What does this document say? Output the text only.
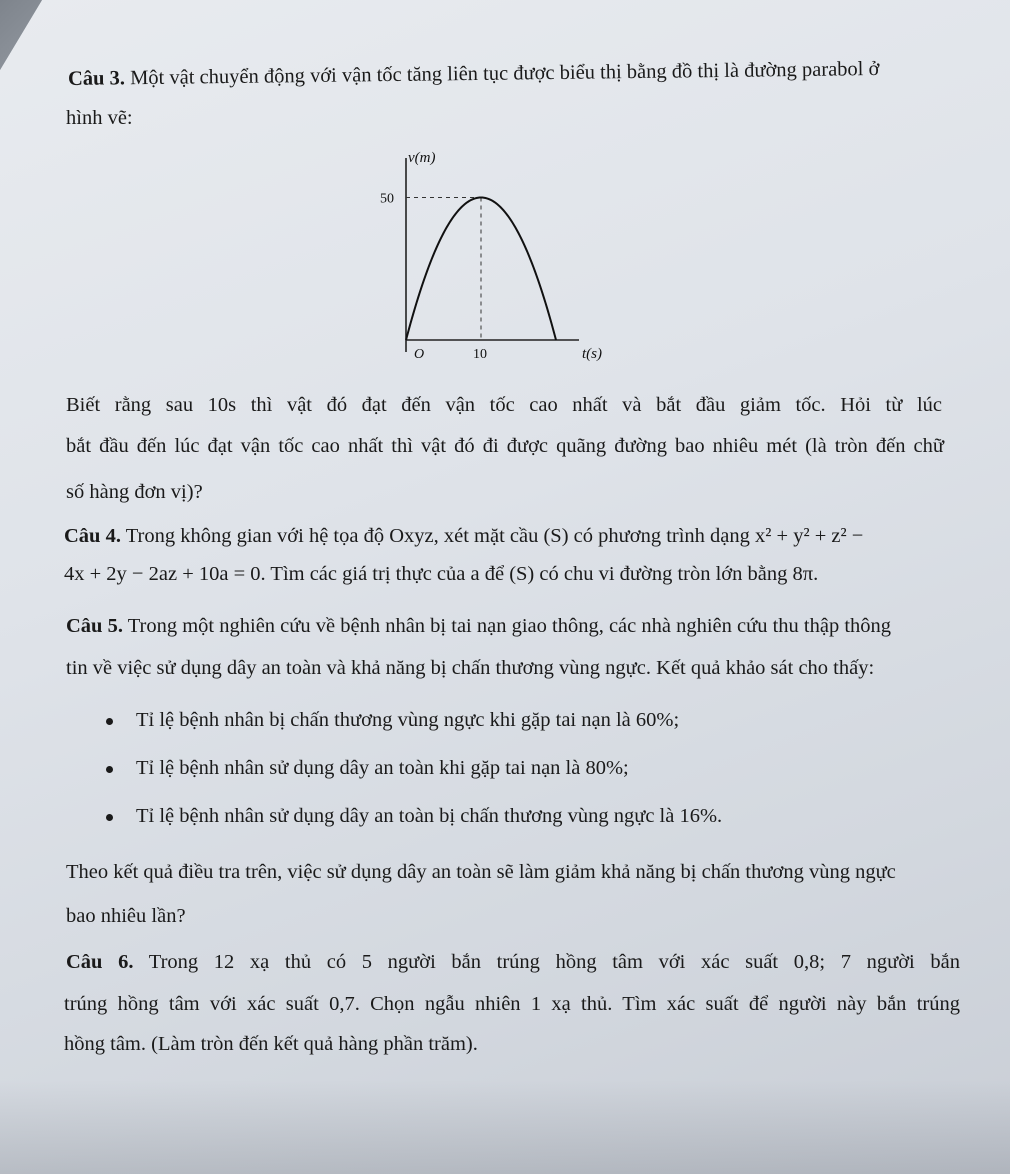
Câu 3. Một vật chuyển động với vận tốc tăng liên tục được biểu thị bằng đồ thị là đường parabol ở
hình vẽ:
v(m)
50
O	10	t(s)
Biết rằng sau 10s thì vật đó đạt đến vận tốc cao nhất và bắt đầu giảm tốc. Hỏi từ lúc
bắt đầu đến lúc đạt vận tốc cao nhất thì vật đó đi được quãng đường bao nhiêu mét (là tròn đến chữ
số hàng đơn vị)?
Câu 4. Trong không gian với hệ tọa độ Oxyz, xét mặt cầu (S) có phương trình dạng x² + y² + z² −
4x + 2y − 2az + 10a = 0. Tìm các giá trị thực của a để (S) có chu vi đường tròn lớn bằng 8π.
Câu 5. Trong một nghiên cứu về bệnh nhân bị tai nạn giao thông, các nhà nghiên cứu thu thập thông
tin về việc sử dụng dây an toàn và khả năng bị chấn thương vùng ngực. Kết quả khảo sát cho thấy:
Tỉ lệ bệnh nhân bị chấn thương vùng ngực khi gặp tai nạn là 60%;
Tỉ lệ bệnh nhân sử dụng dây an toàn khi gặp tai nạn là 80%;
Tỉ lệ bệnh nhân sử dụng dây an toàn bị chấn thương vùng ngực là 16%.
Theo kết quả điều tra trên, việc sử dụng dây an toàn sẽ làm giảm khả năng bị chấn thương vùng ngực
bao nhiêu lần?
Câu 6. Trong 12 xạ thủ có 5 người bắn trúng hồng tâm với xác suất 0,8; 7 người bắn
trúng hồng tâm với xác suất 0,7. Chọn ngẫu nhiên 1 xạ thủ. Tìm xác suất để người này bắn trúng
hồng tâm. (Làm tròn đến kết quả hàng phần trăm).
